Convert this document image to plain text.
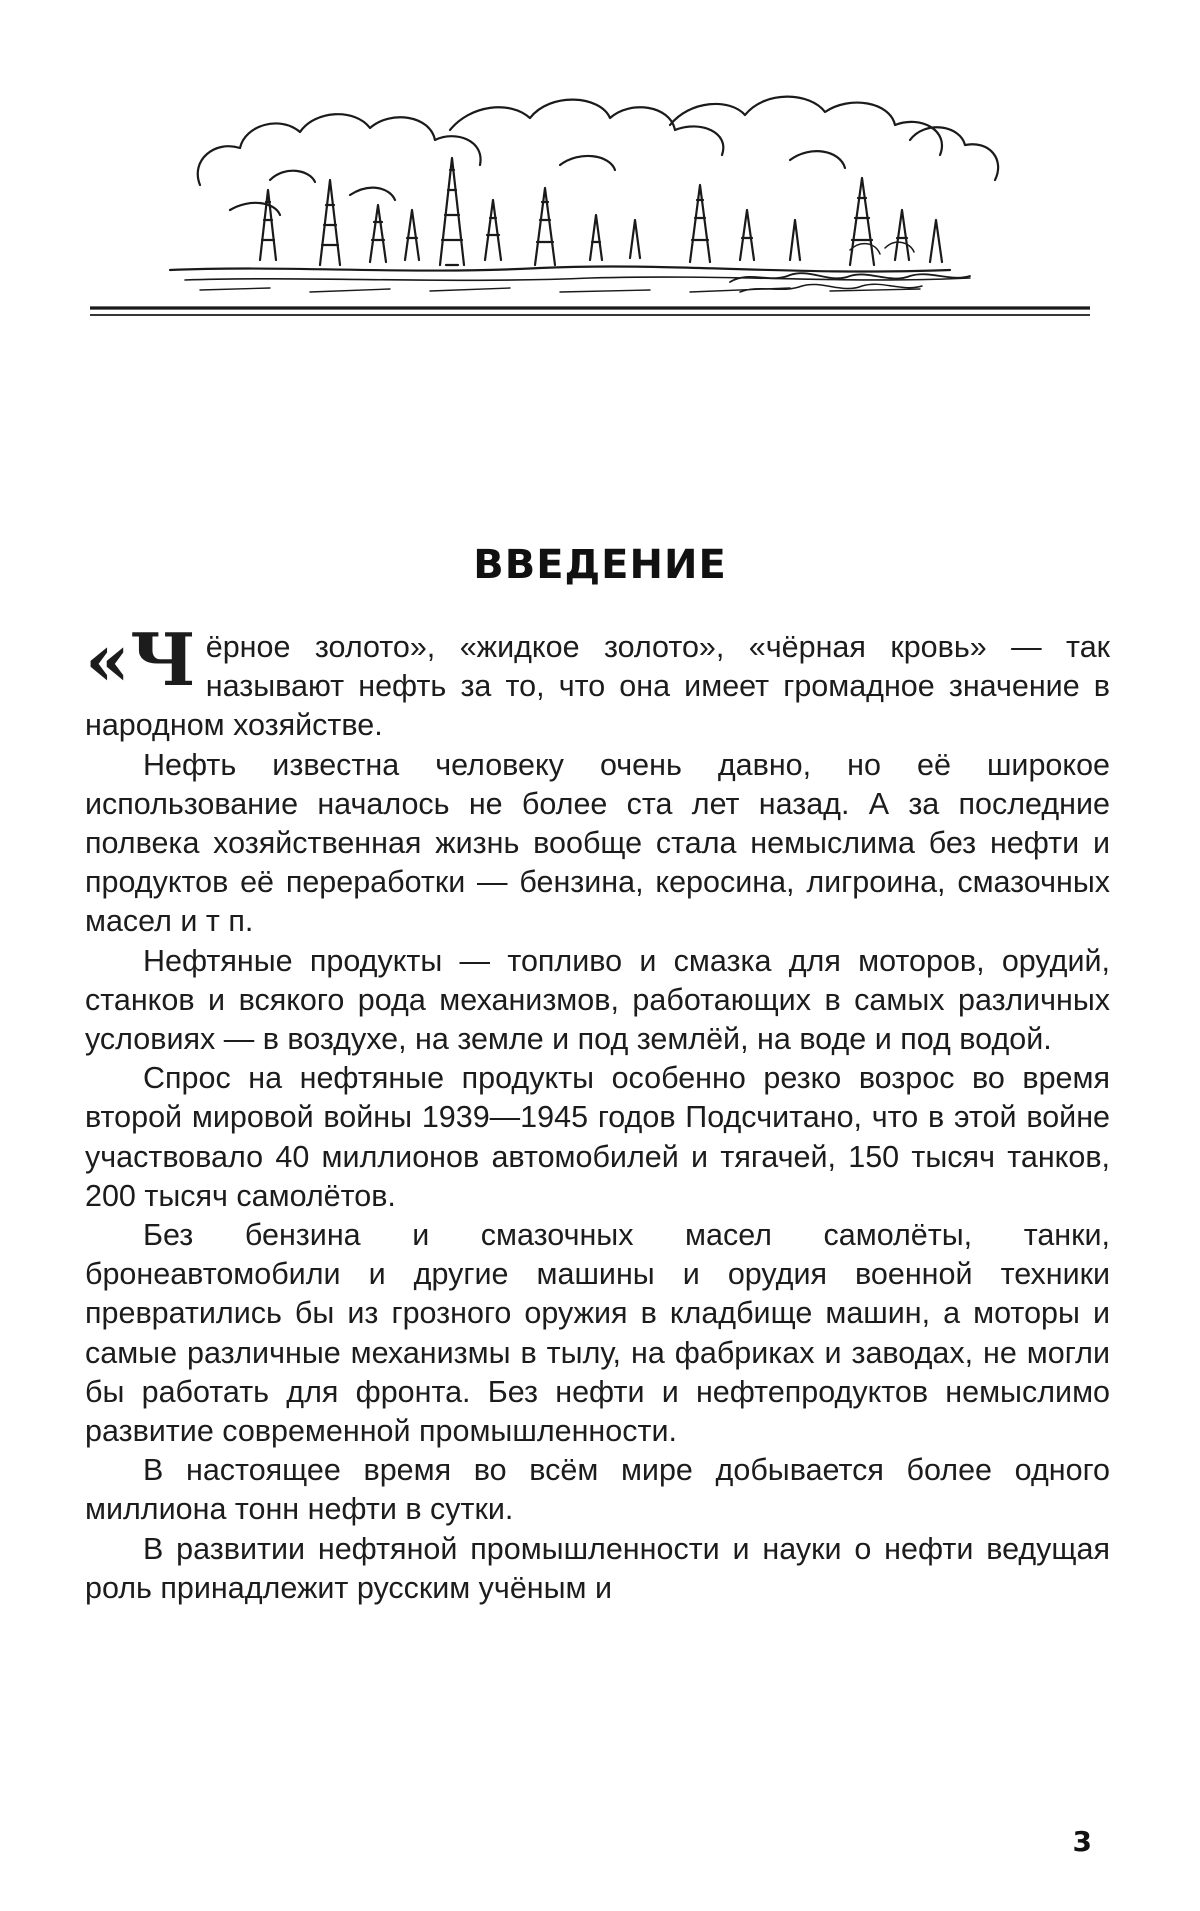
ВВЕДЕНИЕ

«Чёрное золото», «жидкое золото», «чёрная кровь» — так называют нефть за то, что она имеет громадное значение в народном хозяйстве.

Нефть известна человеку очень давно, но её широкое использование началось не более ста лет назад. А за последние полвека хозяйственная жизнь вообще стала немыслима без нефти и продуктов её переработки — бензина, керосина, лигроина, смазочных масел и т п.

Нефтяные продукты — топливо и смазка для моторов, орудий, станков и всякого рода механизмов, работающих в самых различных условиях — в воздухе, на земле и под землёй, на воде и под водой.

Спрос на нефтяные продукты особенно резко возрос во время второй мировой войны 1939—1945 годов Подсчитано, что в этой войне участвовало 40 миллионов автомобилей и тягачей, 150 тысяч танков, 200 тысяч самолётов.

Без бензина и смазочных масел самолёты, танки, бронеавтомобили и другие машины и орудия военной техники превратились бы из грозного оружия в кладбище машин, а моторы и самые различные механизмы в тылу, на фабриках и заводах, не могли бы работать для фронта. Без нефти и нефтепродуктов немыслимо развитие современной промышленности.

В настоящее время во всём мире добывается более одного миллиона тонн нефти в сутки.

В развитии нефтяной промышленности и науки о нефти ведущая роль принадлежит русским учёным и

3
